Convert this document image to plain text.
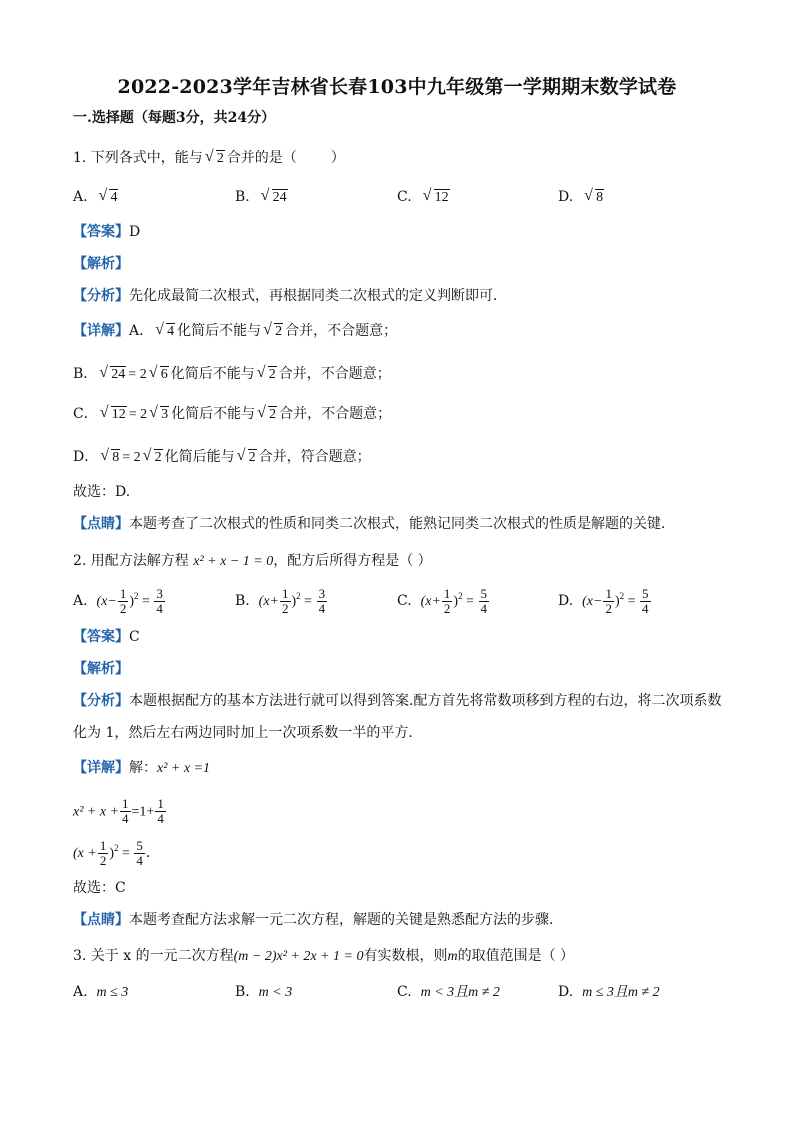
2022-2023学年吉林省长春103中九年级第一学期期末数学试卷
一.选择题（每题3分，共24分）
1. 下列各式中，能与 √ 2 合并的是（ ）
A. √ 4	B. √ 24	C. √ 12	D. √ 8
【答案】D
【解析】
【分析】先化成最简二次根式，再根据同类二次根式的定义判断即可．
【详解】A． √ 4 化简后不能与 √ 2 合并，不合题意；
B． √ 24 = 2 √ 6 化简后不能与 √ 2 合并，不合题意；
C． √ 12 = 2 √ 3 化简后不能与 √ 2 合并，不合题意；
D． √ 8 = 2 √ 2 化简后能与 √ 2 合并，符合题意；
故选：D.
【点睛】本题考查了二次根式的性质和同类二次根式，能熟记同类二次根式的性质是解题的关键．
2. 用配方法解方程 x² + x − 1 = 0，配方后所得方程是（ ）
A. $(x- \frac{1}{2} )^2 = \frac{3}{4}$	B. $(x+ \frac{1}{2} )^2 = \frac{3}{4}$	C. $(x+ \frac{1}{2} )^2 = \frac{5}{4}$	D. $(x- \frac{1}{2} )^2 = \frac{5}{4}$
【答案】C
【解析】
【分析】本题根据配方的基本方法进行就可以得到答案.配方首先将常数项移到方程的右边，将二次项系数
化为 1，然后左右两边同时加上一次项系数一半的平方.
【详解】解：x² + x =1
$x^2 + x + \frac{1}{4} =1+ \frac{1}{4}$
$(x + \frac{1}{2} )^2 = \frac{5}{4}$ .
故选：C
【点睛】本题考查配方法求解一元二次方程，解题的关键是熟悉配方法的步骤.
3. 关于 x 的一元二次方程(m − 2)x² + 2x + 1 = 0有实数根，则m的取值范围是（ ）
A. m ≤ 3	B. m < 3	C. m < 3且m ≠ 2	D. m ≤ 3且m ≠ 2
